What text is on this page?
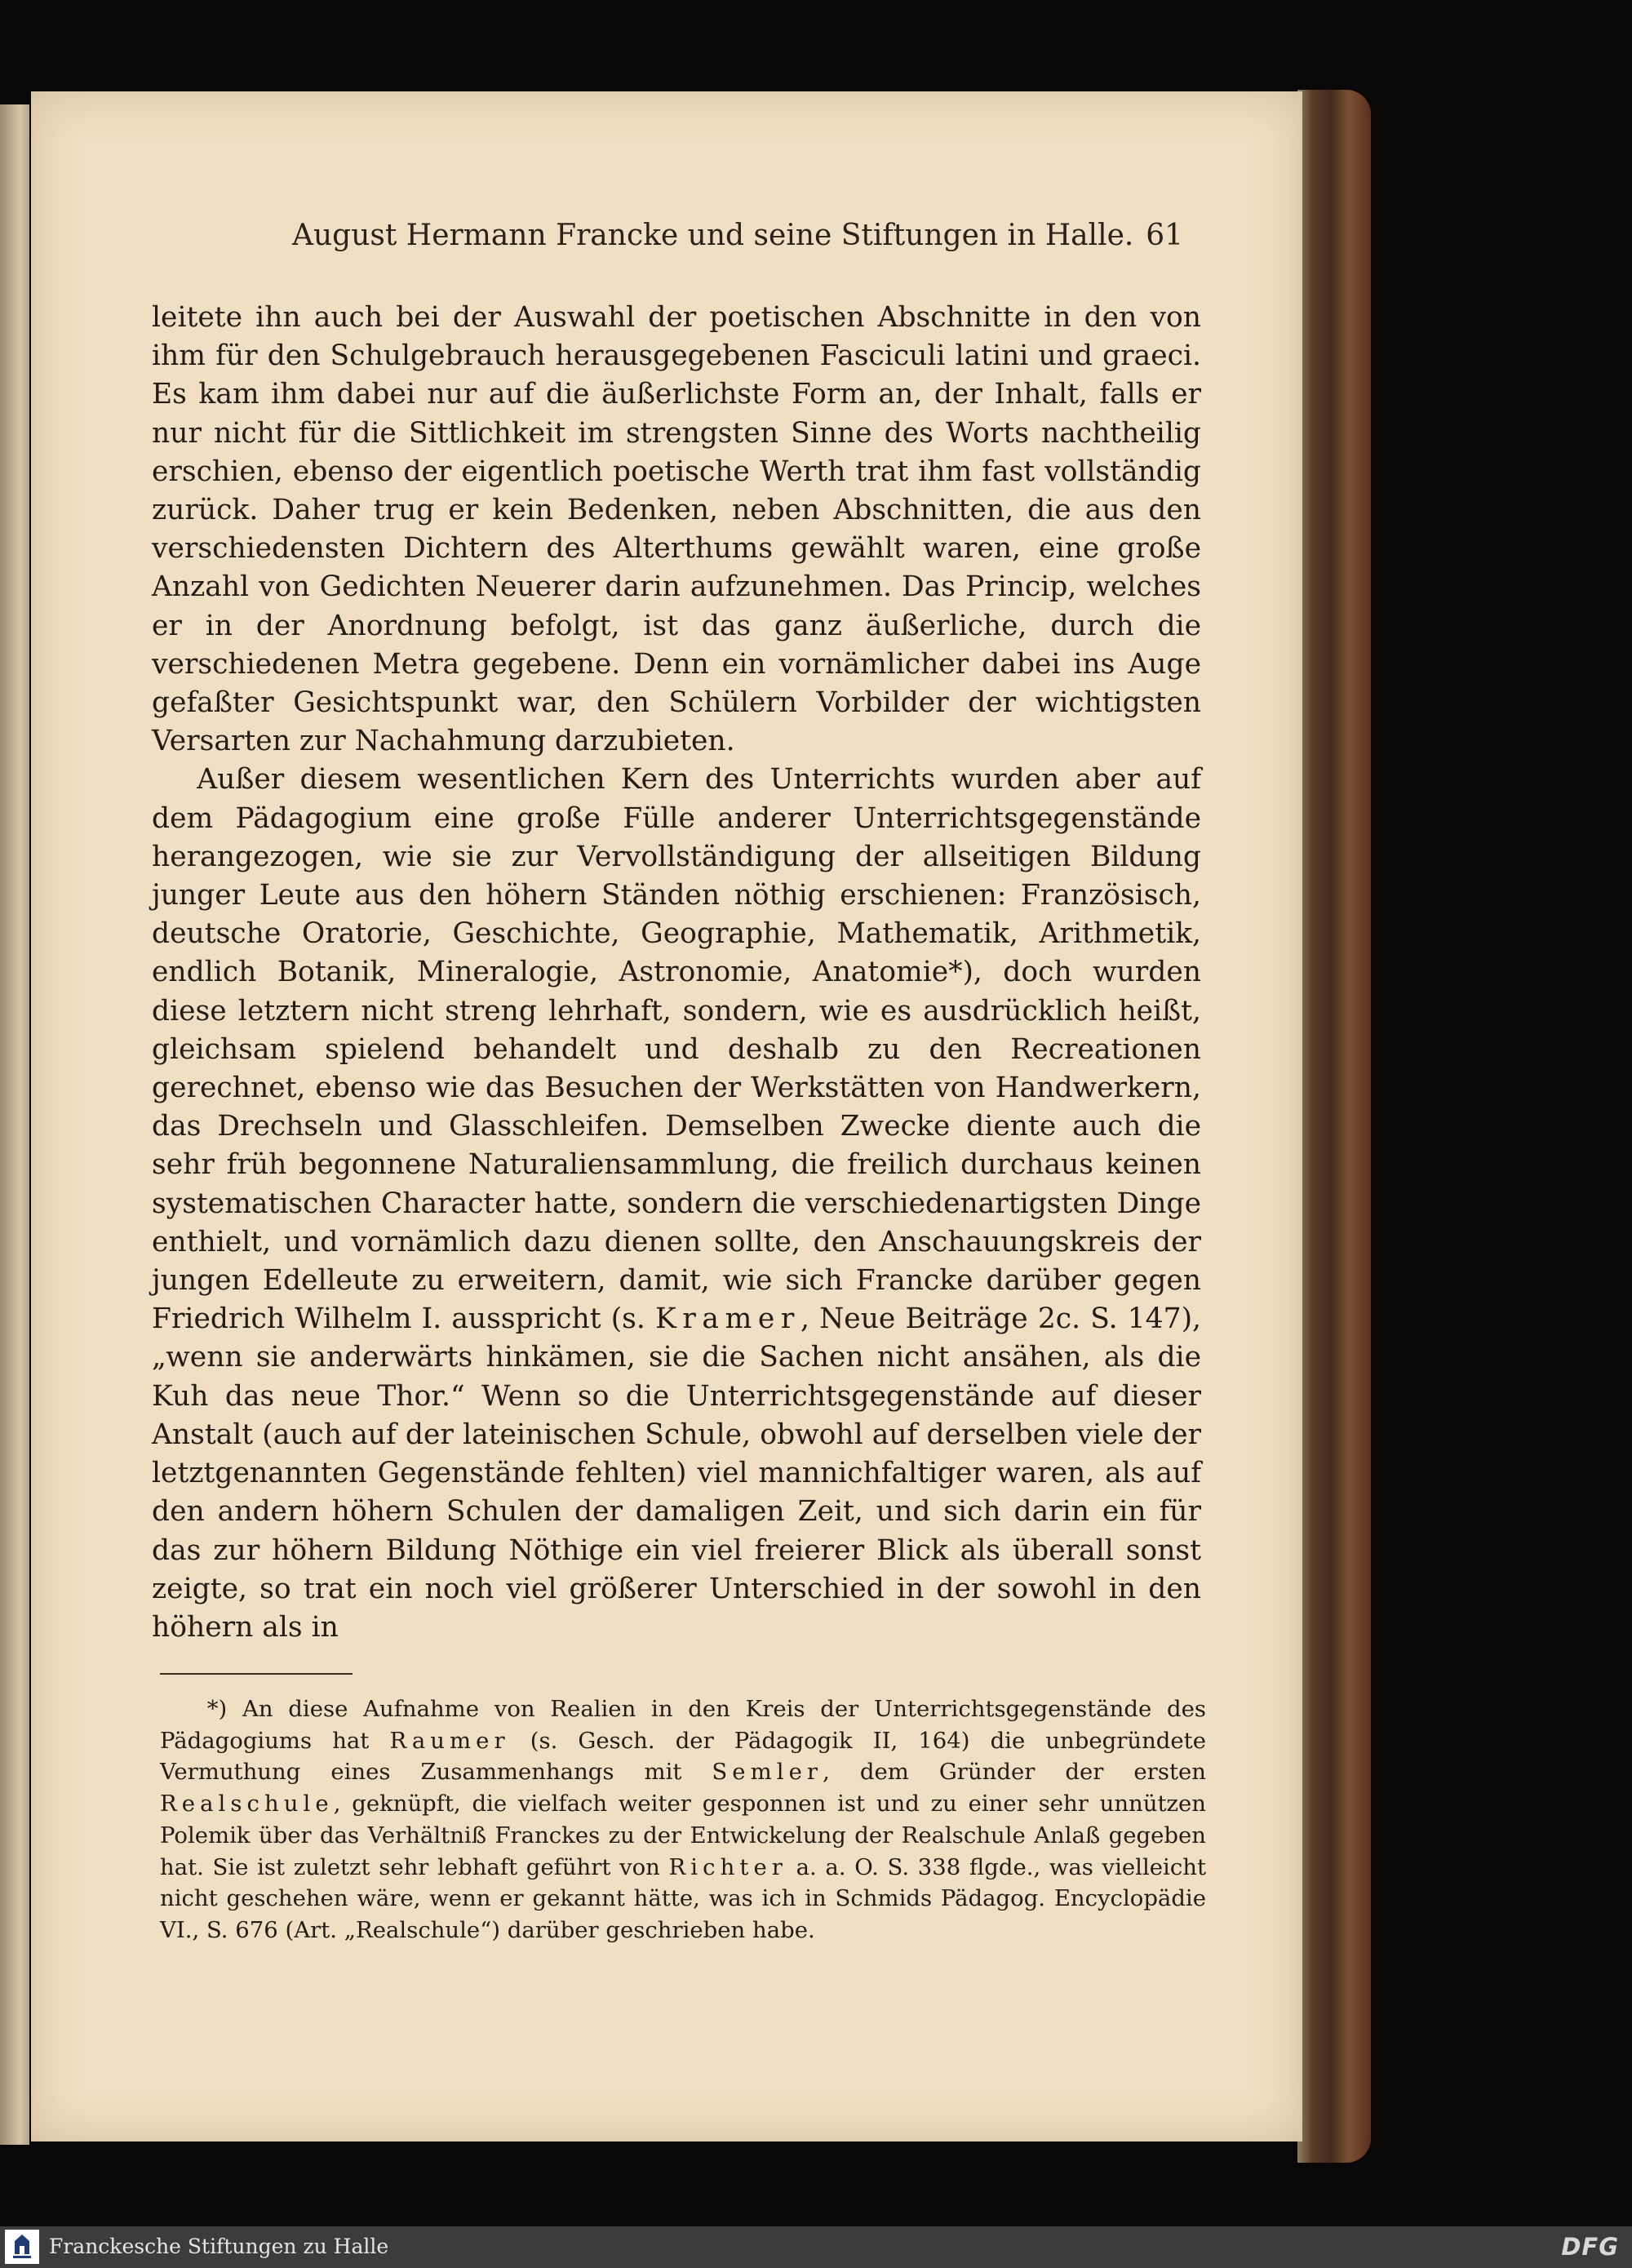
August Hermann Francke und seine Stiftungen in Halle. 61

leitete ihn auch bei der Auswahl der poetischen Abschnitte in den von ihm für den Schulgebrauch herausgegebenen Fasciculi latini und graeci. Es kam ihm dabei nur auf die äußerlichste Form an, der Inhalt, falls er nur nicht für die Sittlichkeit im strengsten Sinne des Worts nachtheilig erschien, ebenso der eigentlich poetische Werth trat ihm fast vollständig zurück. Daher trug er kein Bedenken, neben Abschnitten, die aus den verschiedensten Dichtern des Alterthums gewählt waren, eine große Anzahl von Gedichten Neuerer darin aufzunehmen. Das Princip, welches er in der Anordnung befolgt, ist das ganz äußerliche, durch die verschiedenen Metra gegebene. Denn ein vornämlicher dabei ins Auge gefaßter Gesichtspunkt war, den Schülern Vorbilder der wichtigsten Versarten zur Nachahmung darzubieten.

Außer diesem wesentlichen Kern des Unterrichts wurden aber auf dem Pädagogium eine große Fülle anderer Unterrichtsgegenstände herangezogen, wie sie zur Vervollständigung der allseitigen Bildung junger Leute aus den höhern Ständen nöthig erschienen: Französisch, deutsche Oratorie, Geschichte, Geographie, Mathematik, Arithmetik, endlich Botanik, Mineralogie, Astronomie, Anatomie*), doch wurden diese letztern nicht streng lehrhaft, sondern, wie es ausdrücklich heißt, gleichsam spielend behandelt und deshalb zu den Recreationen gerechnet, ebenso wie das Besuchen der Werkstätten von Handwerkern, das Drechseln und Glasschleifen. Demselben Zwecke diente auch die sehr früh begonnene Naturaliensammlung, die freilich durchaus keinen systematischen Character hatte, sondern die verschiedenartigsten Dinge enthielt, und vornämlich dazu dienen sollte, den Anschauungskreis der jungen Edelleute zu erweitern, damit, wie sich Francke darüber gegen Friedrich Wilhelm I. ausspricht (s. Kramer, Neue Beiträge 2c. S. 147), „wenn sie anderwärts hinkämen, sie die Sachen nicht ansähen, als die Kuh das neue Thor.“ Wenn so die Unterrichtsgegenstände auf dieser Anstalt (auch auf der lateinischen Schule, obwohl auf derselben viele der letztgenannten Gegenstände fehlten) viel mannichfaltiger waren, als auf den andern höhern Schulen der damaligen Zeit, und sich darin ein für das zur höhern Bildung Nöthige ein viel freierer Blick als überall sonst zeigte, so trat ein noch viel größerer Unterschied in der sowohl in den höhern als in

*) An diese Aufnahme von Realien in den Kreis der Unterrichtsgegenstände des Pädagogiums hat Raumer (s. Gesch. der Pädagogik II, 164) die unbegründete Vermuthung eines Zusammenhangs mit Semler, dem Gründer der ersten Realschule, geknüpft, die vielfach weiter gesponnen ist und zu einer sehr unnützen Polemik über das Verhältniß Franckes zu der Entwickelung der Realschule Anlaß gegeben hat. Sie ist zuletzt sehr lebhaft geführt von Richter a. a. O. S. 338 flgde., was vielleicht nicht geschehen wäre, wenn er gekannt hätte, was ich in Schmids Pädagog. Encyclopädie VI., S. 676 (Art. „Realschule“) darüber geschrieben habe.
Franckesche Stiftungen zu Halle	DFG
